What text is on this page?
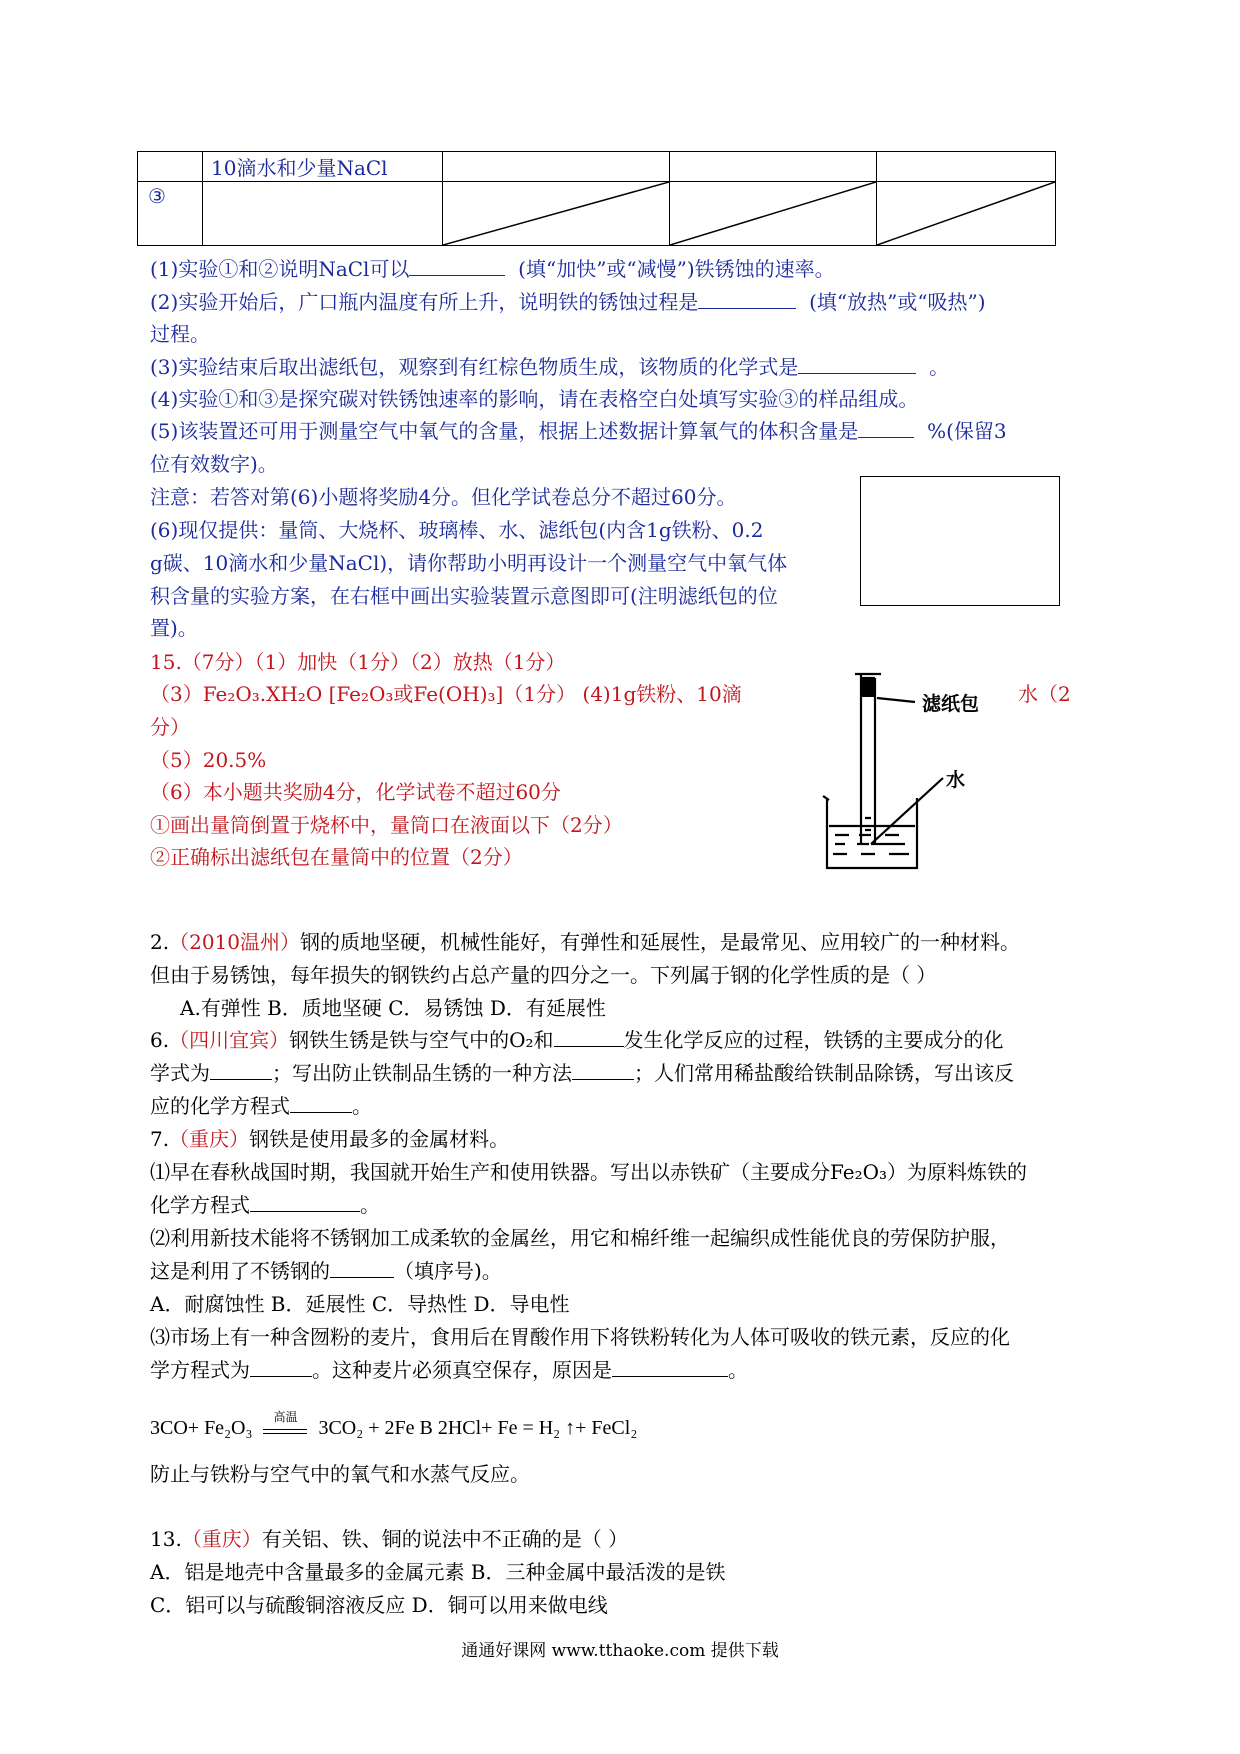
	10滴水和少量NaCl			
③		

(1)实验①和②说明NaCl可以	(填“加快”或“减慢”)铁锈蚀的速率。
(2)实验开始后，广口瓶内温度有所上升，说明铁的锈蚀过程是	(填“放热”或“吸热”)
过程。
(3)实验结束后取出滤纸包，观察到有红棕色物质生成，该物质的化学式是	。
(4)实验①和③是探究碳对铁锈蚀速率的影响，请在表格空白处填写实验③的样品组成。
(5)该装置还可用于测量空气中氧气的含量，根据上述数据计算氧气的体积含量是	%(保留3
位有效数字)。
注意：若答对第(6)小题将奖励4分。但化学试卷总分不超过60分。
(6)现仅提供：量筒、大烧杯、玻璃棒、水、滤纸包(内含1g铁粉、0.2
g碳、10滴水和少量NaCl)，请你帮助小明再设计一个测量空气中氧气体
积含量的实验方案，在右框中画出实验装置示意图即可(注明滤纸包的位
置)。
15.（7分）（1）加快（1分）（2）放热（1分）
（3）Fe₂O₃.XH₂O [Fe₂O₃或Fe(OH)₃]（1分） (4)1g铁粉、10滴	水（2
分）
（5）20.5%
（6）本小题共奖励4分，化学试卷不超过60分
①画出量筒倒置于烧杯中，量筒口在液面以下（2分）
②正确标出滤纸包在量筒中的位置（2分）
滤纸包
水
2.（2010温州）钢的质地坚硬，机械性能好，有弹性和延展性，是最常见、应用较广的一种材料。
但由于易锈蚀，每年损失的钢铁约占总产量的四分之一。下列属于钢的化学性质的是（ ）
A.有弹性 B．质地坚硬 C．易锈蚀 D．有延展性
6.（四川宜宾）钢铁生锈是铁与空气中的O₂和	发生化学反应的过程，铁锈的主要成分的化
学式为	；写出防止铁制品生锈的一种方法	；人们常用稀盐酸给铁制品除锈，写出该反
应的化学方程式	。
7.（重庆）钢铁是使用最多的金属材料。
⑴早在春秋战国时期，我国就开始生产和使用铁器。写出以赤铁矿（主要成分Fe₂O₃）为原料炼铁的
化学方程式	。
⑵利用新技术能将不锈钢加工成柔软的金属丝，用它和棉纤维一起编织成性能优良的劳保防护服，
这是利用了不锈钢的	（填序号)。
A．耐腐蚀性 B．延展性 C．导热性 D．导电性
⑶市场上有一种含囫粉的麦片，食用后在胃酸作用下将铁粉转化为人体可吸收的铁元素，反应的化
学方程式为	。这种麦片必须真空保存，原因是	。
3CO+ Fe₂O₃	高温	3CO₂ + 2Fe B 2HCl+ Fe = H₂ ↑+ FeCl₂
防止与铁粉与空气中的氧气和水蒸气反应。
13.（重庆）有关铝、铁、铜的说法中不正确的是（ ）
A．铝是地壳中含量最多的金属元素 B．三种金属中最活泼的是铁
C．铝可以与硫酸铜溶液反应 D．铜可以用来做电线
通通好课网 www.tthaoke.com 提供下载
